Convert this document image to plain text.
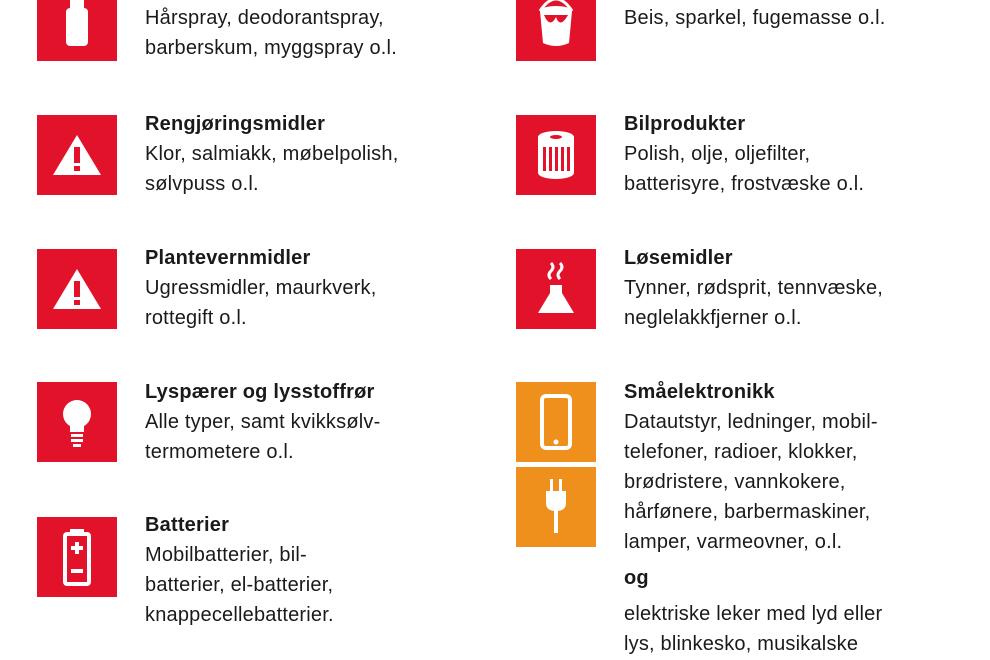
Hårspray, deodorantspray,
barberskum, myggspray o.l.
Rengjøringsmidler
Klor, salmiakk, møbelpolish,
sølvpuss o.l.
Plantevernmidler
Ugressmidler, maurkverk,
rottegift o.l.
Lyspærer og lysstoffrør
Alle typer, samt kvikksølv-
termometere o.l.
Batterier
Mobilbatterier, bil-
batterier, el-batterier,
knappecellebatterier.
Beis, sparkel, fugemasse o.l.
Bilprodukter
Polish, olje, oljefilter,
batterisyre, frostvæske o.l.
Løsemidler
Tynner, rødsprit, tennvæske,
neglelakkfjerner o.l.
Småelektronikk
Datautstyr, ledninger, mobil-
telefoner, radioer, klokker,
brødristere, vannkokere,
hårfønere, barbermaskiner,
lamper, varmeovner, o.l.
og
elektriske leker med lyd eller
lys, blinkesko, musikalske
